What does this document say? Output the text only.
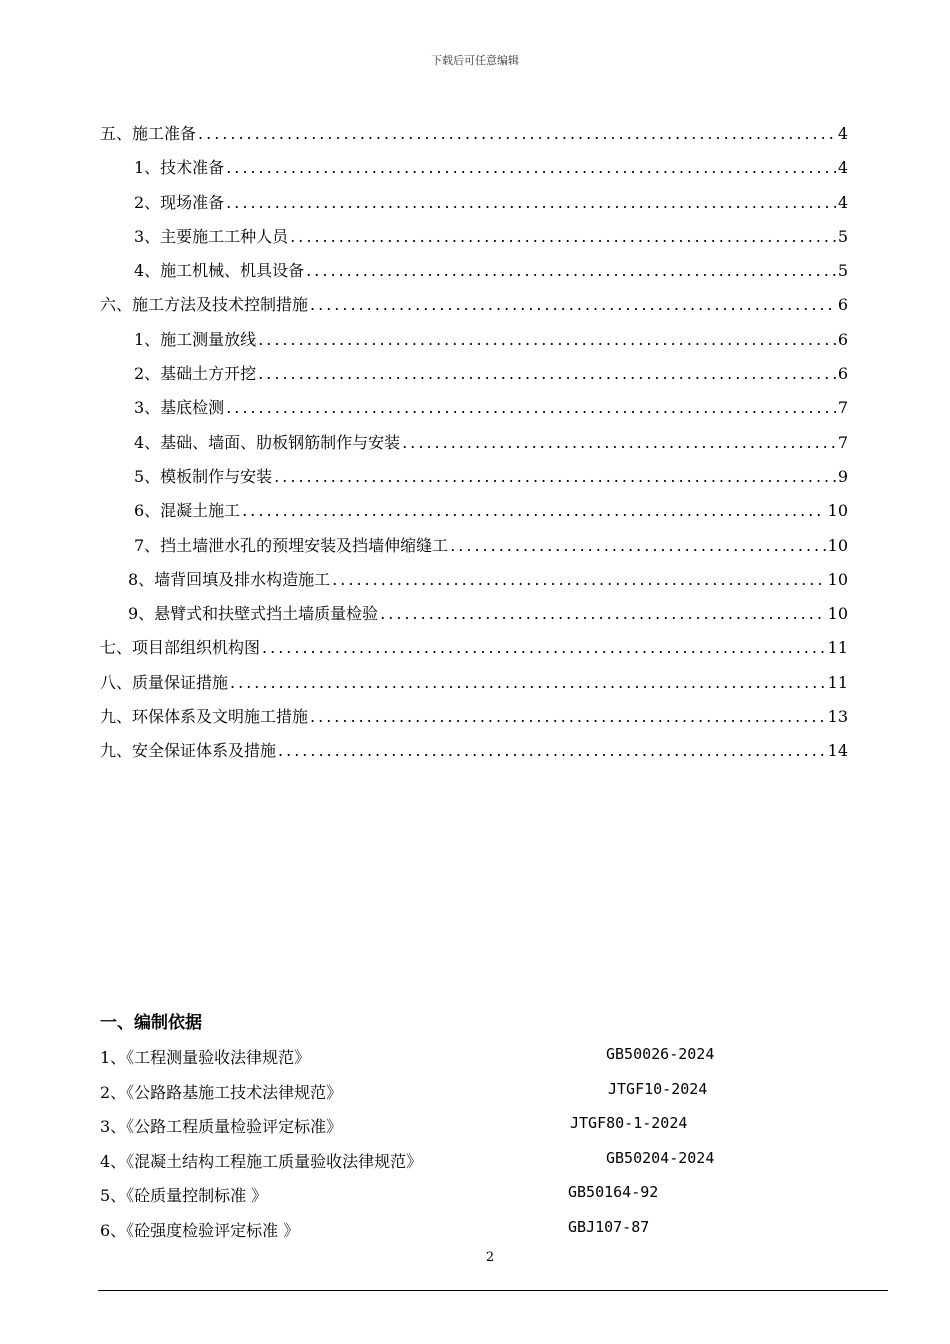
下载后可任意编辑
五、施工准备 .....	4
1、技术准备 .....	4
2、现场准备 .....	4
3、主要施工工种人员 .....	5
4、施工机械、机具设备 .....	5
六、施工方法及技术控制措施 .....	6
1、施工测量放线 .....	6
2、基础土方开挖 .....	6
3、基底检测 .....	7
4、基础、墙面、肋板钢筋制作与安装 .....	7
5、模板制作与安装 .....	9
6、混凝土施工 .....	10
7、挡土墙泄水孔的预埋安装及挡墙伸缩缝工 .....	10
8、墙背回填及排水构造施工 .....	10
9、悬臂式和扶壁式挡土墙质量检验 .....	10
七、项目部组织机构图 .....	11
八、质量保证措施 .....	11
九、环保体系及文明施工措施 .....	13
九、安全保证体系及措施 .....	14
一、编制依据
1、《工程测量验收法律规范》	GB50026-2024
2、《公路路基施工技术法律规范》	JTGF10-2024
3、《公路工程质量检验评定标准》	JTGF80-1-2024
4、《混凝土结构工程施工质量验收法律规范》	GB50204-2024
5、《砼质量控制标准 》	GB50164-92
6、《砼强度检验评定标准 》	GBJ107-87
2
